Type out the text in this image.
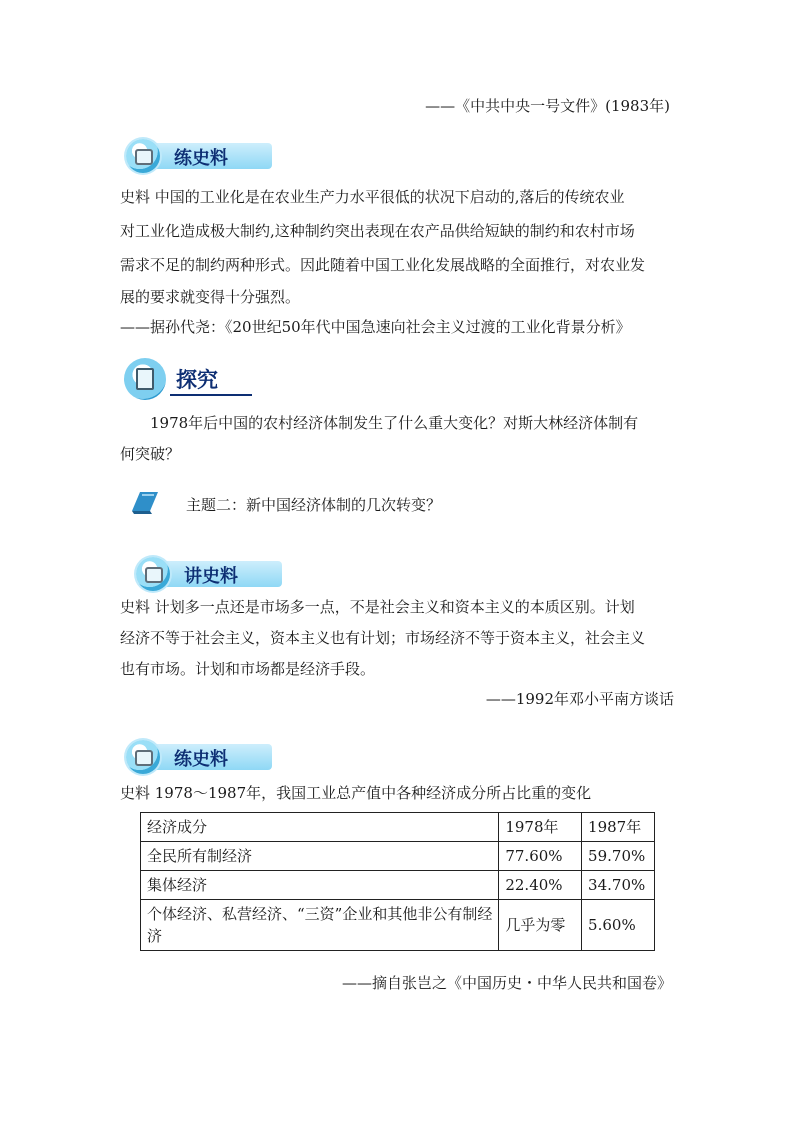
——《中共中央一号文件》(1983年)
练史料
史料 中国的工业化是在农业生产力水平很低的状况下启动的,落后的传统农业
对工业化造成极大制约,这种制约突出表现在农产品供给短缺的制约和农村市场
需求不足的制约两种形式。因此随着中国工业化发展战略的全面推行，对农业发
展的要求就变得十分强烈。
——据孙代尧：《20世纪50年代中国急速向社会主义过渡的工业化背景分析》
探究
1978年后中国的农村经济体制发生了什么重大变化？对斯大林经济体制有
何突破？
主题二：新中国经济体制的几次转变？
讲史料
史料 计划多一点还是市场多一点，不是社会主义和资本主义的本质区别。计划
经济不等于社会主义，资本主义也有计划；市场经济不等于资本主义，社会主义
也有市场。计划和市场都是经济手段。
——1992年邓小平南方谈话
练史料
史料 1978～1987年，我国工业总产值中各种经济成分所占比重的变化
经济成分	1978年	1987年
全民所有制经济	77.60%	59.70%
集体经济	22.40%	34.70%
个体经济、私营经济、“三资”企业和其他非公有制经济	几乎为零	5.60%
——摘自张岂之《中国历史・中华人民共和国卷》
